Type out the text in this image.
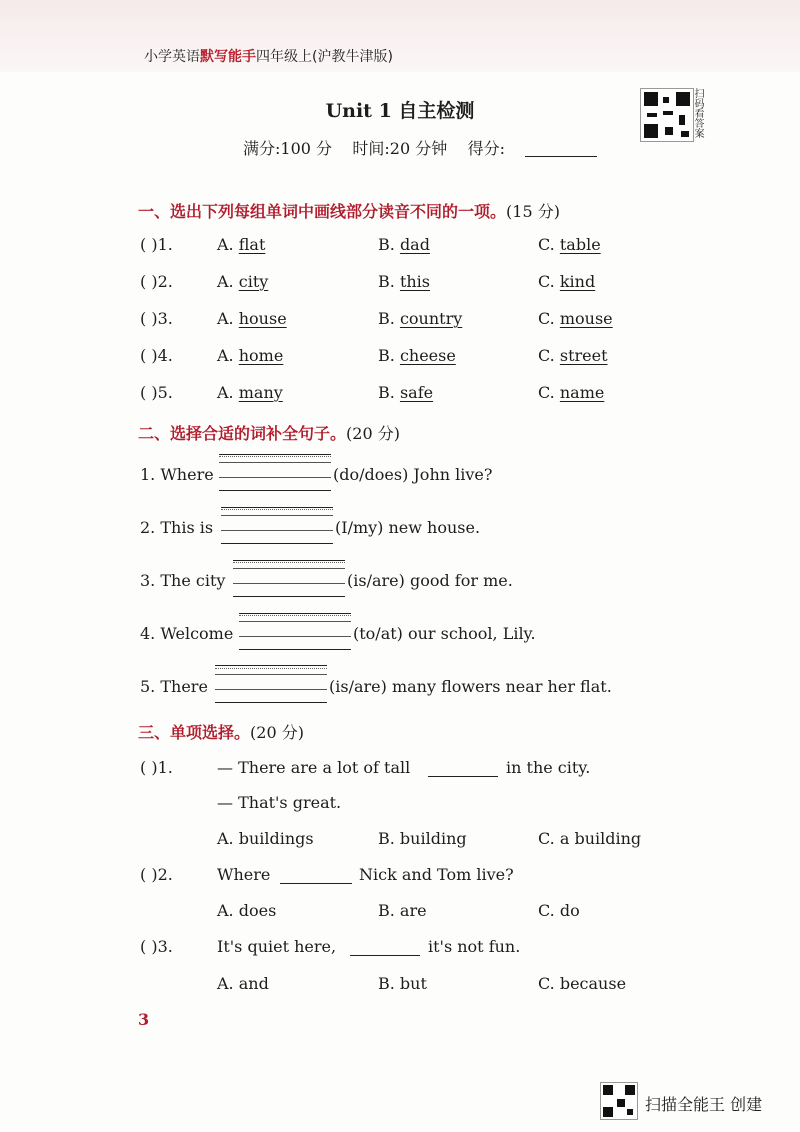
小学英语默写能手四年级上(沪教牛津版)
扫码看答案
Unit 1 自主检测
满分:100 分 时间:20 分钟 得分:
一、选出下列每组单词中画线部分读音不同的一项。(15 分)
( )1.	A. flat	B. dad	C. table
( )2.	A. city	B. this	C. kind
( )3.	A. house	B. country	C. mouse
( )4.	A. home	B. cheese	C. street
( )5.	A. many	B. safe	C. name
二、选择合适的词补全句子。(20 分)
1. Where	(do/does) John live?
2. This is	(I/my) new house.
3. The city	(is/are) good for me.
4. Welcome	(to/at) our school, Lily.
5. There	(is/are) many flowers near her flat.
三、单项选择。(20 分)
( )1.	— There are a lot of tall	in the city.
— That's great.
A. buildings	B. building	C. a building
( )2.	Where	Nick and Tom live?
A. does	B. are	C. do
( )3.	It's quiet here,	it's not fun.
A. and	B. but	C. because
3
扫描全能王 创建
